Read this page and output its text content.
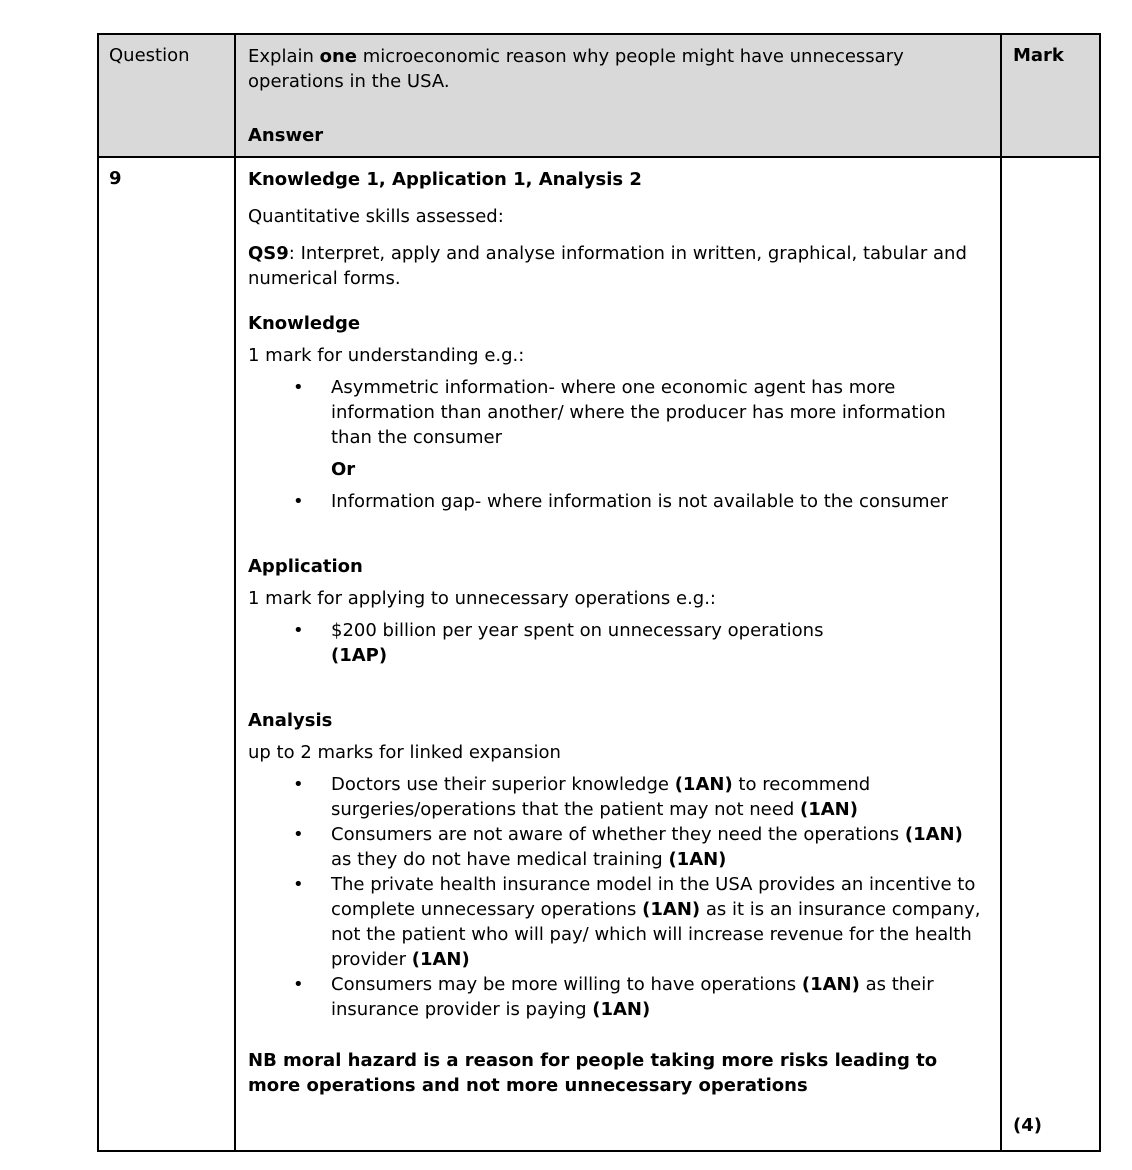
Question	Explain one microeconomic reason why people might have unnecessary operations in the USA.
Answer
Mark
9	Knowledge 1, Application 1, Analysis 2
Quantitative skills assessed:
QS9: Interpret, apply and analyse information in written, graphical, tabular and numerical forms.
Knowledge
1 mark for understanding e.g.:
• Asymmetric information- where one economic agent has more information than another/ where the producer has more information than the consumer
Or
• Information gap- where information is not available to the consumer
Application
1 mark for applying to unnecessary operations e.g.:
• $200 billion per year spent on unnecessary operations
(1AP)
Analysis
up to 2 marks for linked expansion
• Doctors use their superior knowledge (1AN) to recommend surgeries/operations that the patient may not need (1AN)
• Consumers are not aware of whether they need the operations (1AN) as they do not have medical training (1AN)
• The private health insurance model in the USA provides an incentive to complete unnecessary operations (1AN) as it is an insurance company, not the patient who will pay/ which will increase revenue for the health provider (1AN)
• Consumers may be more willing to have operations (1AN) as their insurance provider is paying (1AN)
NB moral hazard is a reason for people taking more risks leading to more operations and not more unnecessary operations
(4)
